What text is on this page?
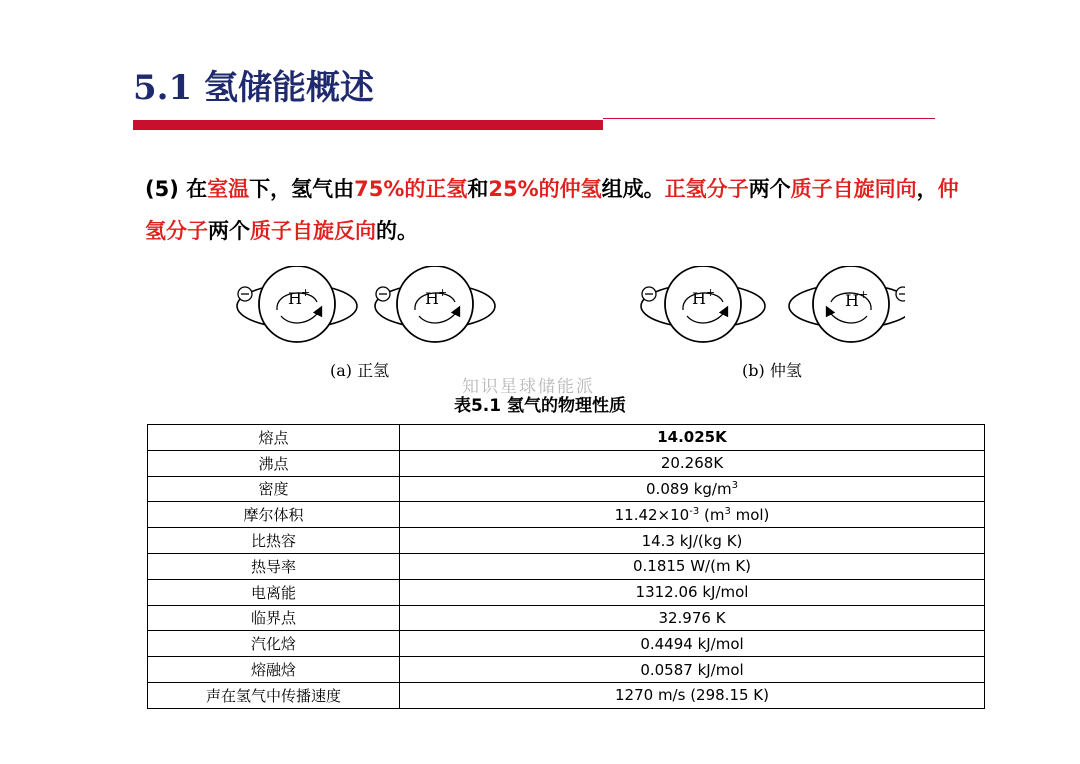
5.1 氢储能概述
(5) 在室温下，氢气由75%的正氢和25%的仲氢组成。正氢分子两个质子自旋同向，仲氢分子两个质子自旋反向的。
H +	H +	H +	H +
(a) 正氢	(b) 仲氢
知识星球储能派
表5.1 氢气的物理性质
熔点	14.025K
沸点	20.268K
密度	0.089 $kg/m^3$
摩尔体积	$11.42\times 10^{-3}$ ($m^3$ mol)
比热容	14.3 kJ/(kg K)
热导率	0.1815 W/(m K)
电离能	1312.06 kJ/mol
临界点	32.976 K
汽化焓	0.4494 kJ/mol
熔融焓	0.0587 kJ/mol
声在氢气中传播速度	1270 m/s (298.15 K)
